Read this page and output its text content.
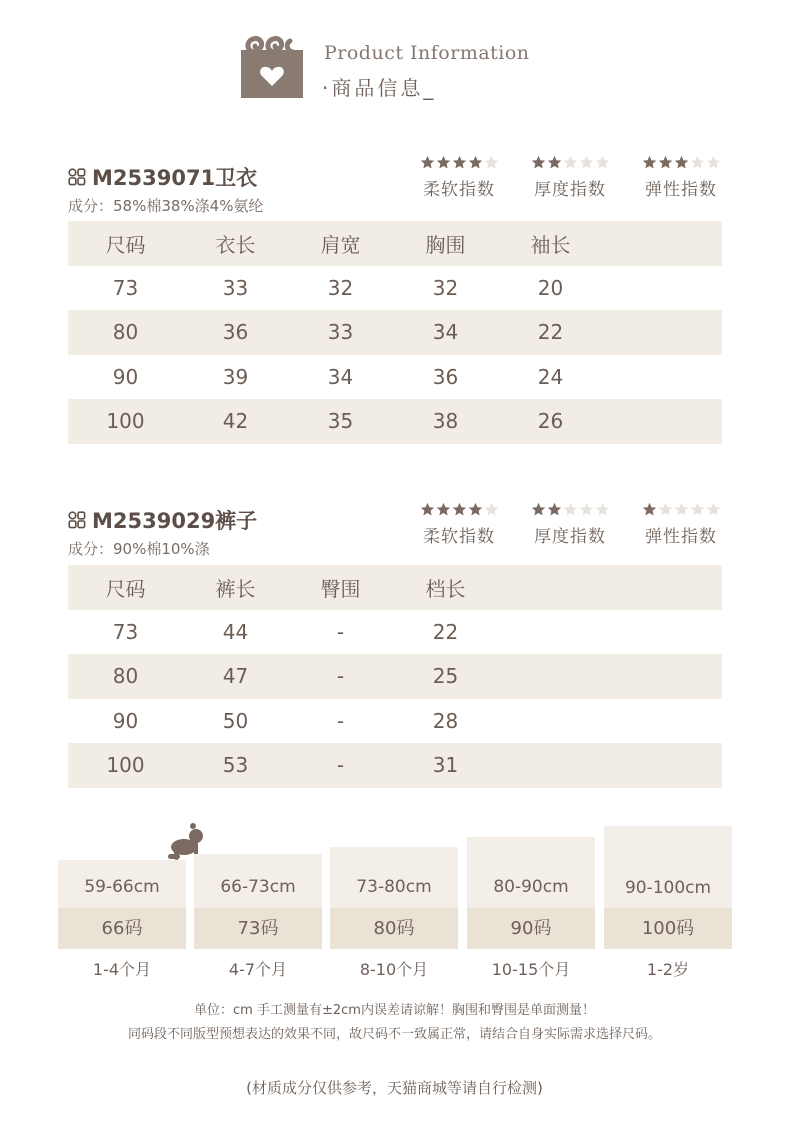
Product Information
·商品信息_
M2539071卫衣
成分：58%棉38%涤4%氨纶
柔软指数	厚度指数	弹性指数
尺码	衣长	肩宽	胸围	袖长
73	33	32	32	20
80	36	33	34	22
90	39	34	36	24
100	42	35	38	26
M2539029裤子
成分：90%棉10%涤
柔软指数	厚度指数	弹性指数
尺码	裤长	臀围	档长
73	44	-	22
80	47	-	25
90	50	-	28
100	53	-	31
59-66cm
66码
1-4个月
66-73cm
73码
4-7个月
73-80cm
80码
8-10个月
80-90cm
90码
10-15个月
90-100cm
100码
1-2岁
单位：cm 手工测量有±2cm内误差请谅解！胸围和臀围是单面测量！
同码段不同版型预想表达的效果不同，故尺码不一致属正常，请结合自身实际需求选择尺码。
(材质成分仅供参考，天猫商城等请自行检测)
